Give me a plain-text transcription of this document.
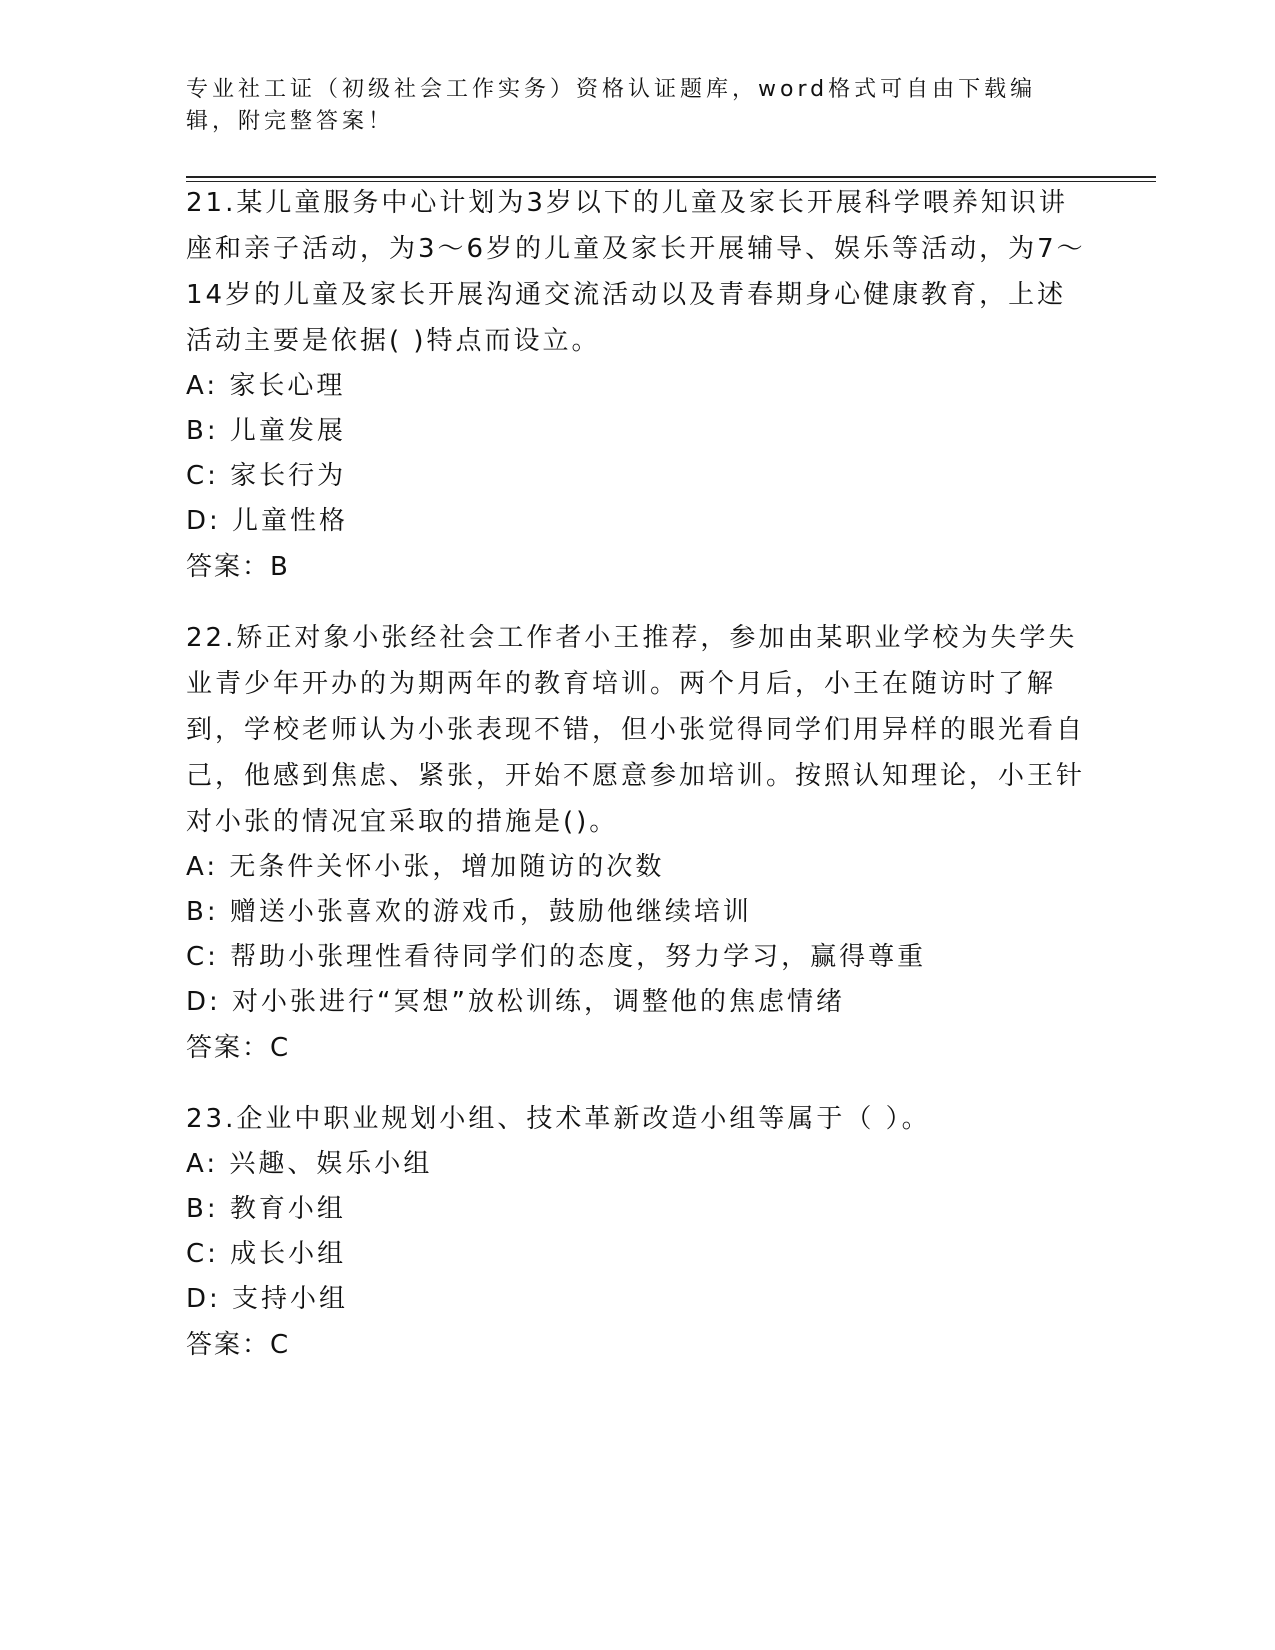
专业社工证（初级社会工作实务）资格认证题库，word格式可自由下载编辑，附完整答案！
21.某儿童服务中心计划为3岁以下的儿童及家长开展科学喂养知识讲座和亲子活动，为3～6岁的儿童及家长开展辅导、娱乐等活动，为7～14岁的儿童及家长开展沟通交流活动以及青春期身心健康教育，上述活动主要是依据( )特点而设立。
A: 家长心理
B: 儿童发展
C: 家长行为
D: 儿童性格
答案：B
22.矫正对象小张经社会工作者小王推荐，参加由某职业学校为失学失业青少年开办的为期两年的教育培训。两个月后，小王在随访时了解到，学校老师认为小张表现不错，但小张觉得同学们用异样的眼光看自己，他感到焦虑、紧张，开始不愿意参加培训。按照认知理论，小王针对小张的情况宜采取的措施是()。
A: 无条件关怀小张，增加随访的次数
B: 赠送小张喜欢的游戏币，鼓励他继续培训
C: 帮助小张理性看待同学们的态度，努力学习，赢得尊重
D: 对小张进行“冥想”放松训练，调整他的焦虑情绪
答案：C
23.企业中职业规划小组、技术革新改造小组等属于（ ）。
A: 兴趣、娱乐小组
B: 教育小组
C: 成长小组
D: 支持小组
答案：C
